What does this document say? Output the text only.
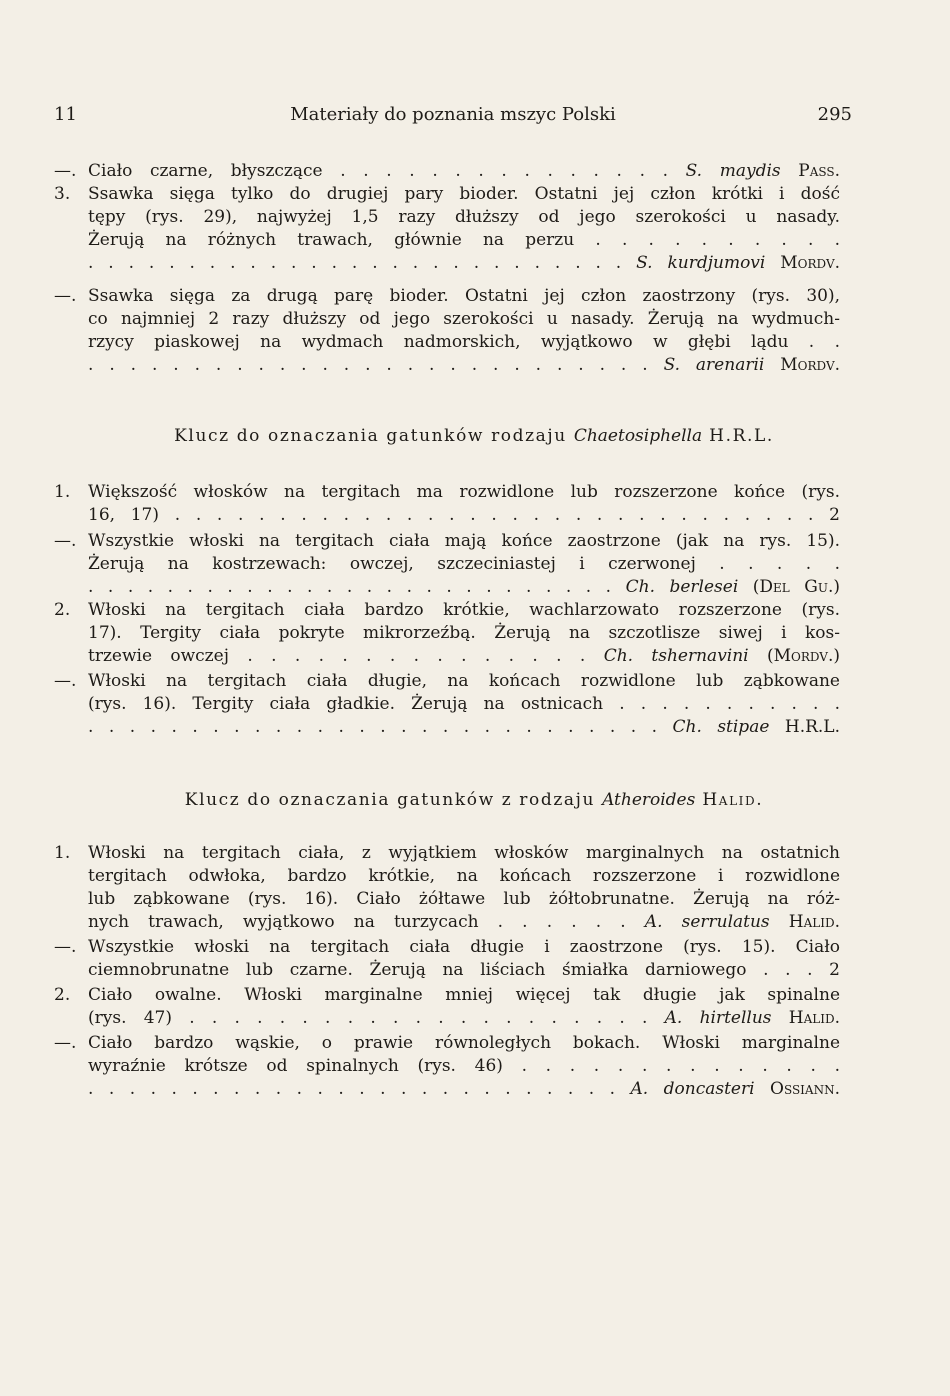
11	Materiały do poznania mszyc Polski	295
—. Ciało czarne, błyszczące . . . . . . . . . . . . . . . S. maydis Pass.
3.	Ssawka sięga tylko do drugiej pary bioder. Ostatni jej człon krótki i dość
tępy (rys. 29), najwyżej 1,5 razy dłuższy od jego szerokości u nasady.
Żerują na różnych trawach, głównie na perzu . . . . . . . . . .
. . . . . . . . . . . . . . . . . . . . . . . . . . . S. kurdjumovi Mordv.
—. Ssawka sięga za drugą parę bioder. Ostatni jej człon zaostrzony (rys. 30),
co najmniej 2 razy dłuższy od jego szerokości u nasady. Żerują na wydmuch-
rzycy piaskowej na wydmach nadmorskich, wyjątkowo w głębi lądu . .
. . . . . . . . . . . . . . . . . . . . . . . . . . . S. arenarii Mordv.
Klucz do oznaczania gatunków rodzaju Chaetosiphella H.R.L.
1.	Większość włosków na tergitach ma rozwidlone lub rozszerzone końce (rys.
16, 17) . . . . . . . . . . . . . . . . . . . . . . . . . . . . . . . 2
—. Wszystkie włoski na tergitach ciała mają końce zaostrzone (jak na rys. 15).
Żerują na kostrzewach: owczej, szczeciniastej i czerwonej . . . . .
. . . . . . . . . . . . . . . . . . . . . . . . . . . Ch. berlesei (Del Gu.)
2.	Włoski na tergitach ciała bardzo krótkie, wachlarzowato rozszerzone (rys.
17). Tergity ciała pokryte mikrorzeźbą. Żerują na szczotlisze siwej i kos-
trzewie owczej . . . . . . . . . . . . . . . Ch. tshernavini (Mordv.)
—. Włoski na tergitach ciała długie, na końcach rozwidlone lub ząbkowane
(rys. 16). Tergity ciała gładkie. Żerują na ostnicach . . . . . . . . . . .
. . . . . . . . . . . . . . . . . . . . . . . . . . . . Ch. stipae H.R.L.
Klucz do oznaczania gatunków z rodzaju Atheroides Halid.
1.	Włoski na tergitach ciała, z wyjątkiem włosków marginalnych na ostatnich
tergitach odwłoka, bardzo krótkie, na końcach rozszerzone i rozwidlone
lub ząbkowane (rys. 16). Ciało żółtawe lub żółtobrunatne. Żerują na róż-
nych trawach, wyjątkowo na turzycach . . . . . . A. serrulatus Halid.
—. Wszystkie włoski na tergitach ciała długie i zaostrzone (rys. 15). Ciało
ciemnobrunatne lub czarne. Żerują na liściach śmiałka darniowego . . . 2
2.	Ciało owalne. Włoski marginalne mniej więcej tak długie jak spinalne
(rys. 47) . . . . . . . . . . . . . . . . . . . . . A. hirtellus Halid.
—. Ciało bardzo wąskie, o prawie równoległych bokach. Włoski marginalne
wyraźnie krótsze od spinalnych (rys. 46) . . . . . . . . . . . . . .
. . . . . . . . . . . . . . . . . . . . . . . . . . A. doncasteri Ossiann.
